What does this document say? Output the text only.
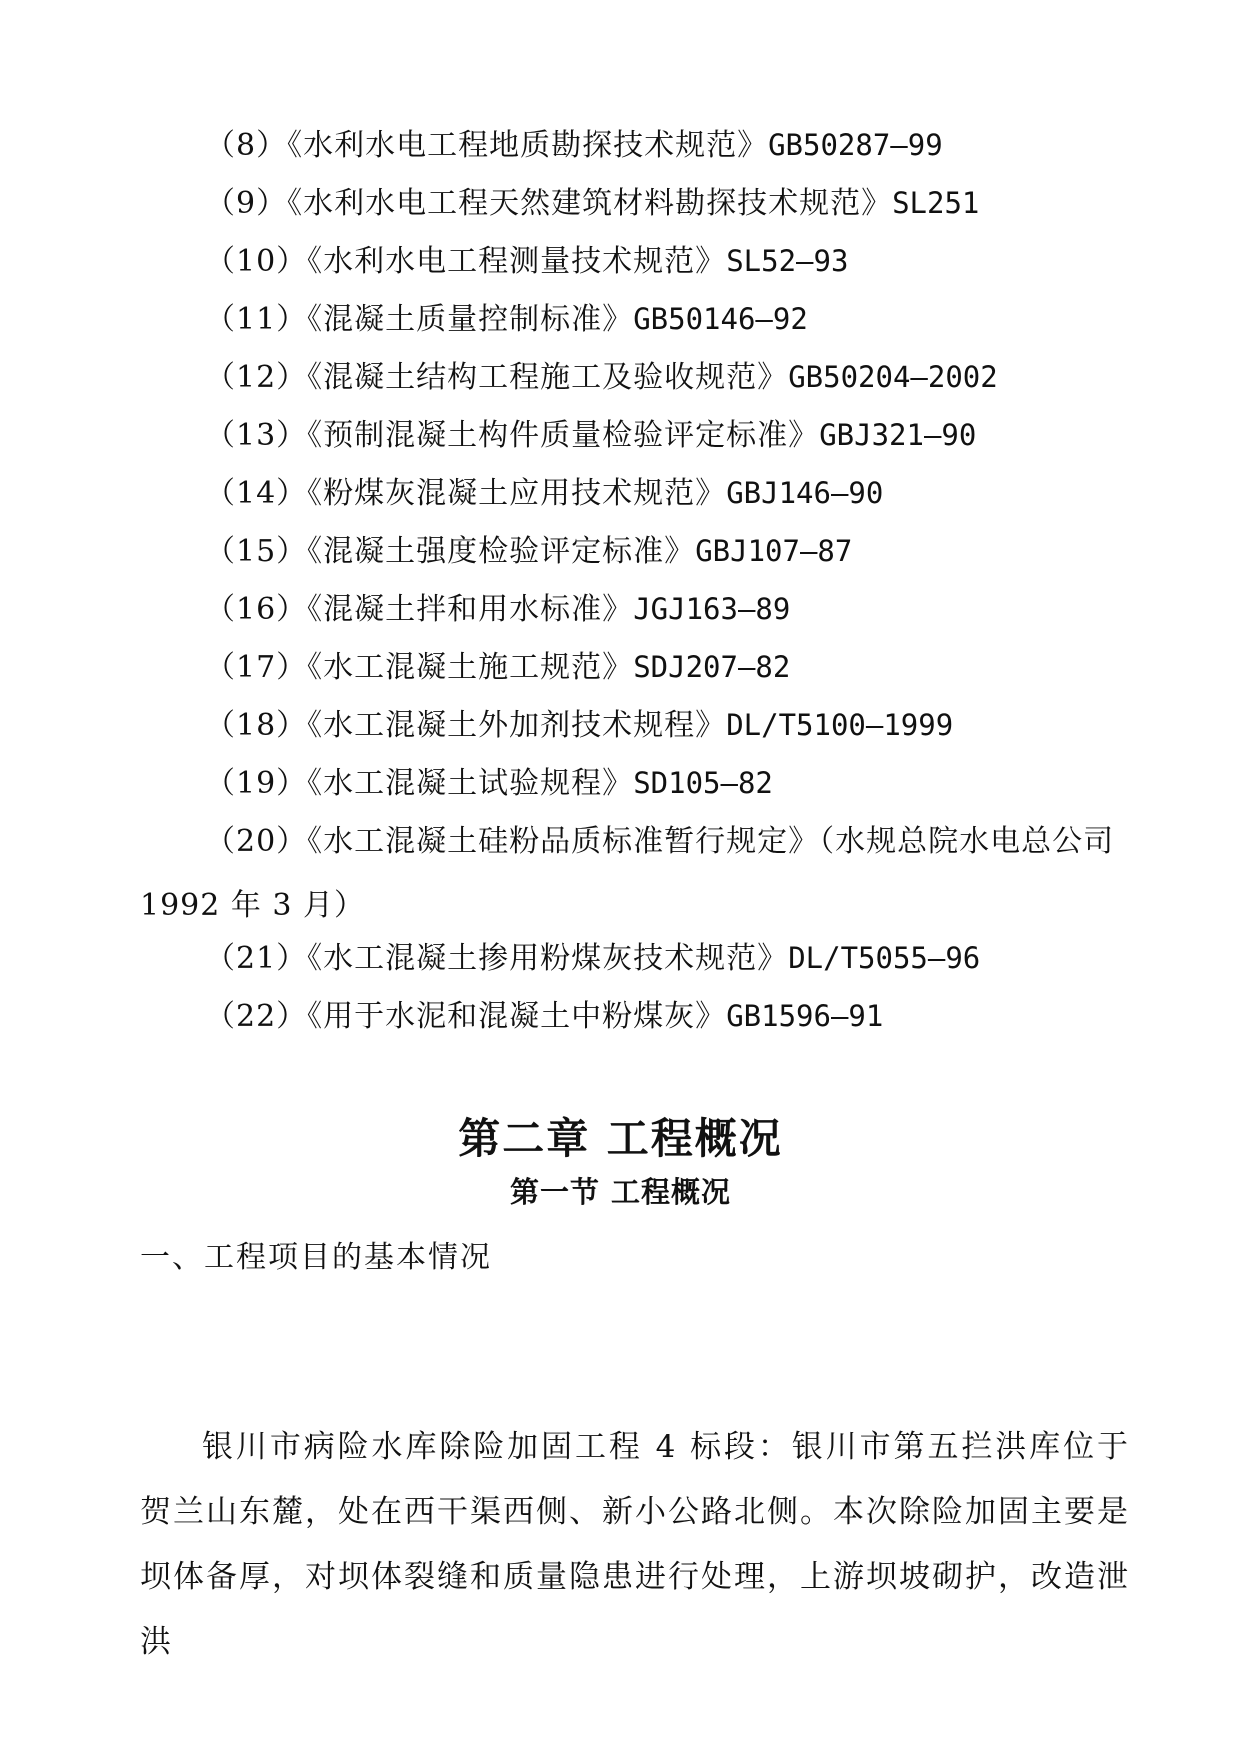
（8）《水利水电工程地质勘探技术规范》GB50287—99
（9）《水利水电工程天然建筑材料勘探技术规范》SL251
（10）《水利水电工程测量技术规范》SL52—93
（11）《混凝土质量控制标准》GB50146—92
（12）《混凝土结构工程施工及验收规范》GB50204—2002
（13）《预制混凝土构件质量检验评定标准》GBJ321—90
（14）《粉煤灰混凝土应用技术规范》GBJ146—90
（15）《混凝土强度检验评定标准》GBJ107—87
（16）《混凝土拌和用水标准》JGJ163—89
（17）《水工混凝土施工规范》SDJ207—82
（18）《水工混凝土外加剂技术规程》DL/T5100—1999
（19）《水工混凝土试验规程》SD105—82
（20）《水工混凝土硅粉品质标准暂行规定》（水规总院水电总公司 1992 年 3 月）
（21）《水工混凝土掺用粉煤灰技术规范》DL/T5055—96
（22）《用于水泥和混凝土中粉煤灰》GB1596—91
第二章 工程概况
第一节 工程概况
一、工程项目的基本情况
银川市病险水库除险加固工程 4 标段：银川市第五拦洪库位于贺兰山东麓，处在西干渠西侧、新小公路北侧。本次除险加固主要是坝体备厚，对坝体裂缝和质量隐患进行处理，上游坝坡砌护，改造泄洪
